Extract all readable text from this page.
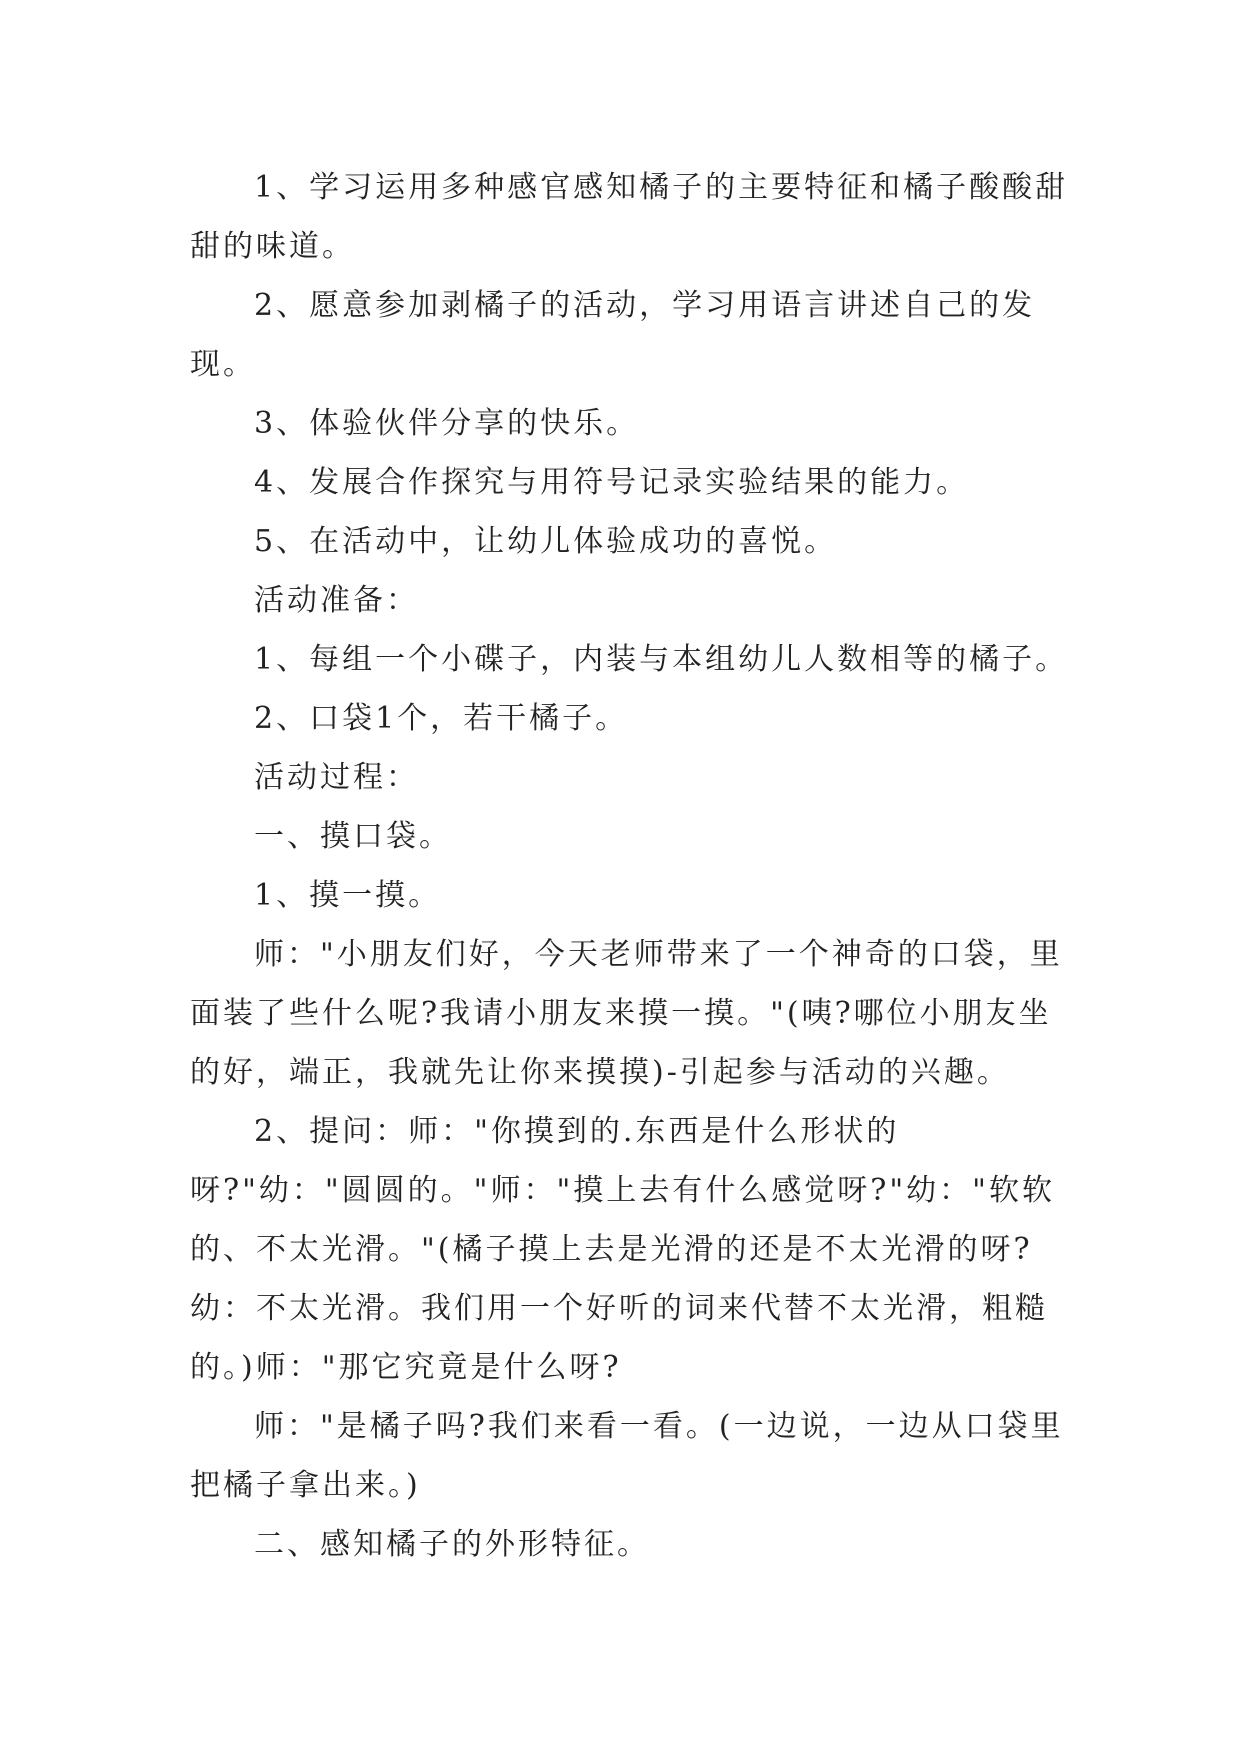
1、学习运用多种感官感知橘子的主要特征和橘子酸酸甜甜的味道。

2、愿意参加剥橘子的活动，学习用语言讲述自己的发现。

3、体验伙伴分享的快乐。

4、发展合作探究与用符号记录实验结果的能力。

5、在活动中，让幼儿体验成功的喜悦。

活动准备：

1、每组一个小碟子，内装与本组幼儿人数相等的橘子。

2、口袋1个，若干橘子。

活动过程：

一、摸口袋。

1、摸一摸。

师："小朋友们好，今天老师带来了一个神奇的口袋，里面装了些什么呢?我请小朋友来摸一摸。"(咦?哪位小朋友坐的好，端正，我就先让你来摸摸)-引起参与活动的兴趣。

2、提问：师："你摸到的.东西是什么形状的呀?"幼："圆圆的。"师："摸上去有什么感觉呀?"幼："软软的、不太光滑。"(橘子摸上去是光滑的还是不太光滑的呀?幼：不太光滑。我们用一个好听的词来代替不太光滑，粗糙的。)师："那它究竟是什么呀?

师："是橘子吗?我们来看一看。(一边说，一边从口袋里把橘子拿出来。)

二、感知橘子的外形特征。
